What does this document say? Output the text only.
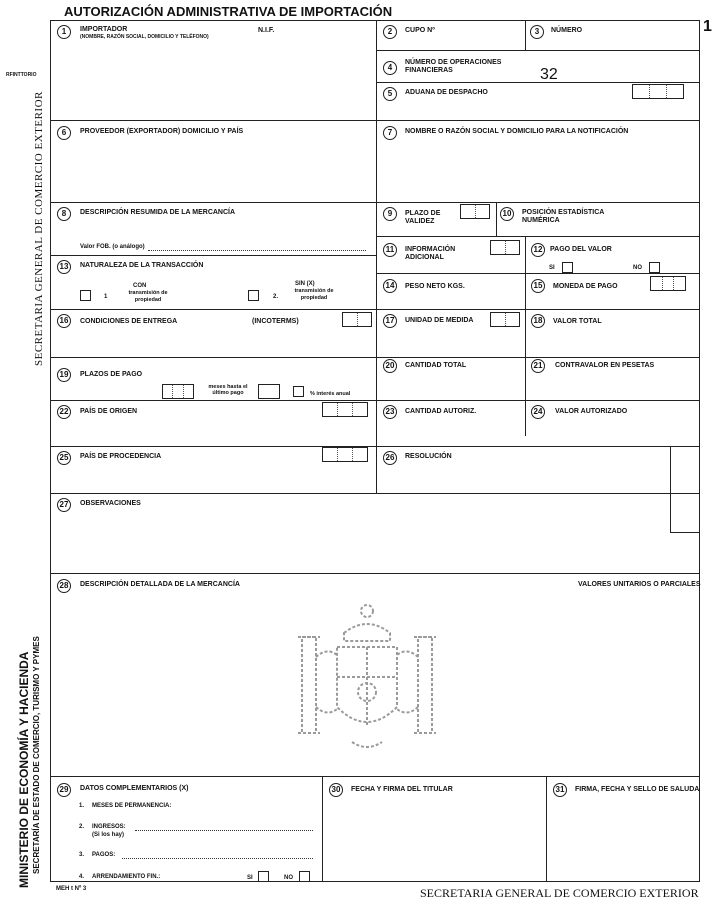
AUTORIZACIÓN ADMINISTRATIVA DE IMPORTACIÓN
1
RFINTTORIO
SECRETARIA GENERAL DE COMERCIO EXTERIOR
MINISTERIO DE ECONOMÍA Y HACIENDA SECRETARÍA DE ESTADO DE COMERCIO, TURISMO Y PYMES
1	IMPORTADOR
(NOMBRE, RAZÓN SOCIAL, DOMICILIO Y TELÉFONO)
N.I.F.	2	CUPO Nº	3	NÚMERO
4
NÚMERO DE OPERACIONES FINANCIERAS	32
5	ADUANA DE DESPACHO
6	PROVEEDOR (EXPORTADOR) DOMICILIO Y PAÍS	7	NOMBRE O RAZÓN SOCIAL Y DOMICILIO PARA LA NOTIFICACIÓN
8	DESCRIPCIÓN RESUMIDA DE LA MERCANCÍA
Valor FOB. (o análogo)
9	PLAZO DE VALIDEZ
10	POSICIÓN ESTADÍSTICA NUMÉRICA
11	INFORMACIÓN ADICIONAL
12	PAGO DEL VALOR
SI	NO
13	NATURALEZA DE LA TRANSACCIÓN
1
CON
transmisión de propiedad	2.
SIN (X)
transmisión de propiedad
14	PESO NETO KGS.	15	MONEDA DE PAGO
16	CONDICIONES DE ENTREGA	(INCOTERMS)	17	UNIDAD DE MEDIDA	18	VALOR TOTAL
19	PLAZOS DE PAGO
meses hasta el último pago	% interés anual
20	CANTIDAD TOTAL	21	CONTRAVALOR EN PESETAS
22	PAÍS DE ORIGEN	23	CANTIDAD AUTORIZ.	24	VALOR AUTORIZADO
25	PAÍS DE PROCEDENCIA	26	RESOLUCIÓN
27	OBSERVACIONES
28	DESCRIPCIÓN DETALLADA DE LA MERCANCÍA	VALORES UNITARIOS O PARCIALES
29	DATOS COMPLEMENTARIOS (X)
1. MESES DE PERMANENCIA:
2. INGRESOS:
(Si los hay)
3. PAGOS:
4. ARRENDAMIENTO FIN.:	SI	NO
30	FECHA Y FIRMA DEL TITULAR	31	FIRMA, FECHA Y SELLO DE SALUDA
MEH t Nº 3	SECRETARIA GENERAL DE COMERCIO EXTERIOR
